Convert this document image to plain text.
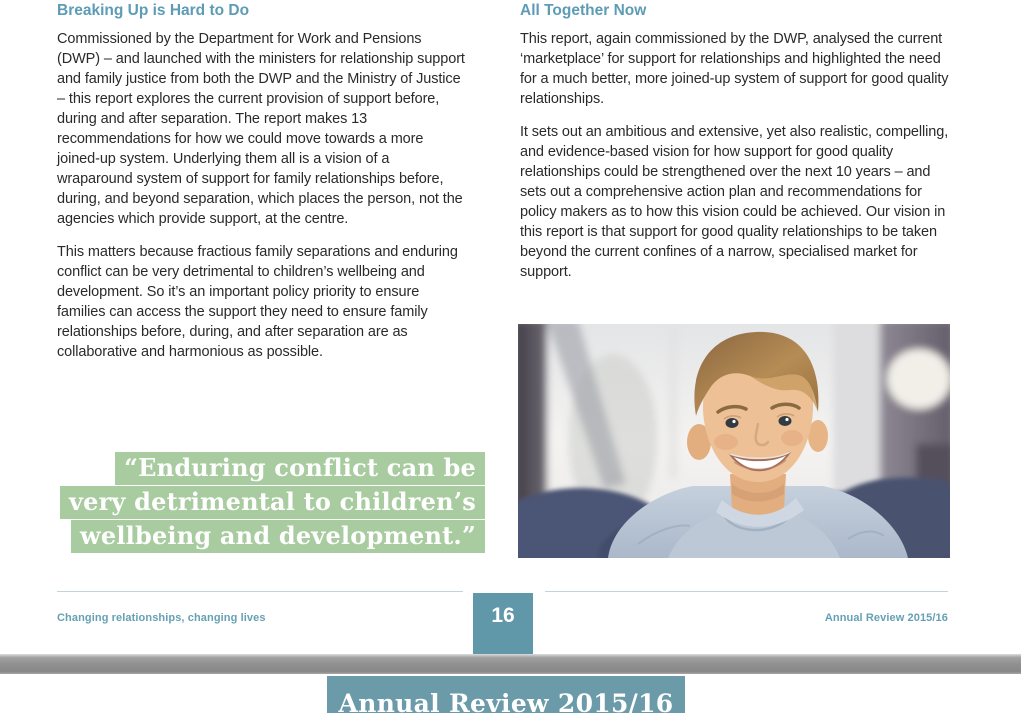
Breaking Up is Hard to Do

Commissioned by the Department for Work and Pensions (DWP) – and launched with the ministers for relationship support and family justice from both the DWP and the Ministry of Justice – this report explores the current provision of support before, during and after separation. The report makes 13 recommendations for how we could move towards a more joined-up system. Underlying them all is a vision of a wraparound system of support for family relationships before, during, and beyond separation, which places the person, not the agencies which provide support, at the centre.

This matters because fractious family separations and enduring conflict can be very detrimental to children’s wellbeing and development. So it’s an important policy priority to ensure families can access the support they need to ensure family relationships before, during, and after separation are as collaborative and harmonious as possible.

All Together Now

This report, again commissioned by the DWP, analysed the current ‘marketplace’ for support for relationships and highlighted the need for a much better, more joined-up system of support for good quality relationships.

It sets out an ambitious and extensive, yet also realistic, compelling, and evidence-based vision for how support for good quality relationships could be strengthened over the next 10 years – and sets out a comprehensive action plan and recommendations for policy makers as to how this vision could be achieved. Our vision in this report is that support for good quality relationships to be taken beyond the current confines of a narrow, specialised market for support.

“Enduring conflict can be
very detrimental to children’s
wellbeing and development.”
Changing relationships, changing lives	Annual Review 2015/16
16
Annual Review 2015/16
